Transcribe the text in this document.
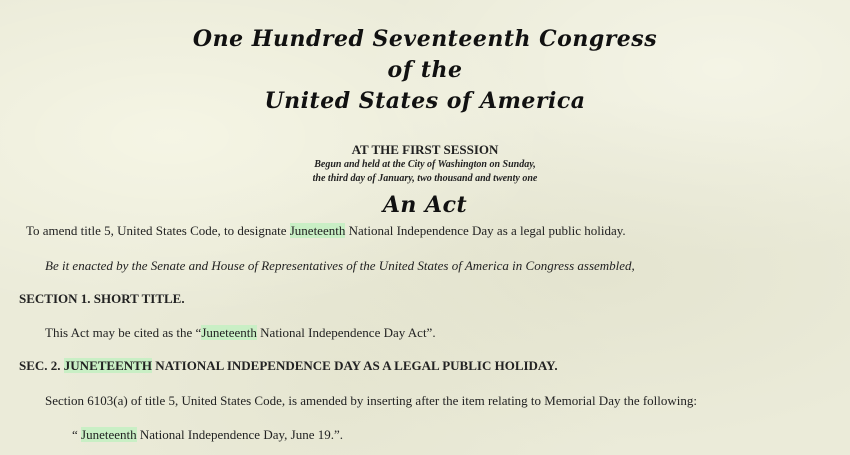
One Hundred Seventeenth Congress
of the
United States of America
AT THE FIRST SESSION
Begun and held at the City of Washington on Sunday,
the third day of January, two thousand and twenty one
An Act
To amend title 5, United States Code, to designate Juneteenth National Independence Day as a legal public holiday.
Be it enacted by the Senate and House of Representatives of the United States of America in Congress assembled,
SECTION 1. SHORT TITLE.
This Act may be cited as the “Juneteenth National Independence Day Act”.
SEC. 2. JUNETEENTH NATIONAL INDEPENDENCE DAY AS A LEGAL PUBLIC HOLIDAY.
Section 6103(a) of title 5, United States Code, is amended by inserting after the item relating to Memorial Day the following:
“ Juneteenth National Independence Day, June 19.”.
